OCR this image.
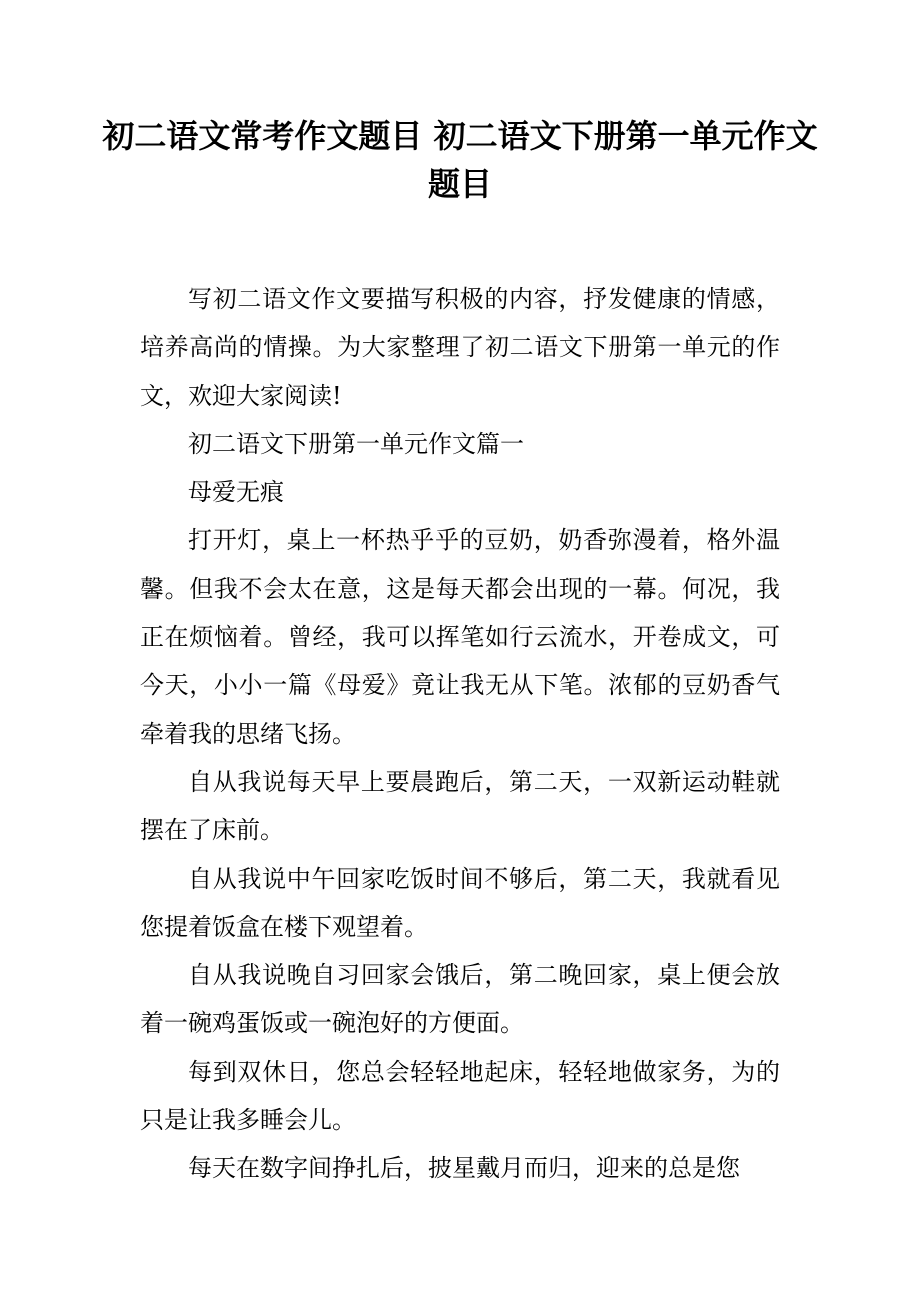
初二语文常考作文题目 初二语文下册第一单元作文题目

写初二语文作文要描写积极的内容，抒发健康的情感，培养高尚的情操。为大家整理了初二语文下册第一单元的作文，欢迎大家阅读!

初二语文下册第一单元作文篇一

母爱无痕

打开灯，桌上一杯热乎乎的豆奶，奶香弥漫着，格外温馨。但我不会太在意，这是每天都会出现的一幕。何况，我正在烦恼着。曾经，我可以挥笔如行云流水，开卷成文，可今天，小小一篇《母爱》竟让我无从下笔。浓郁的豆奶香气牵着我的思绪飞扬。

自从我说每天早上要晨跑后，第二天，一双新运动鞋就摆在了床前。

自从我说中午回家吃饭时间不够后，第二天，我就看见您提着饭盒在楼下观望着。

自从我说晚自习回家会饿后，第二晚回家，桌上便会放着一碗鸡蛋饭或一碗泡好的方便面。

每到双休日，您总会轻轻地起床，轻轻地做家务，为的只是让我多睡会儿。

每天在数字间挣扎后，披星戴月而归，迎来的总是您
